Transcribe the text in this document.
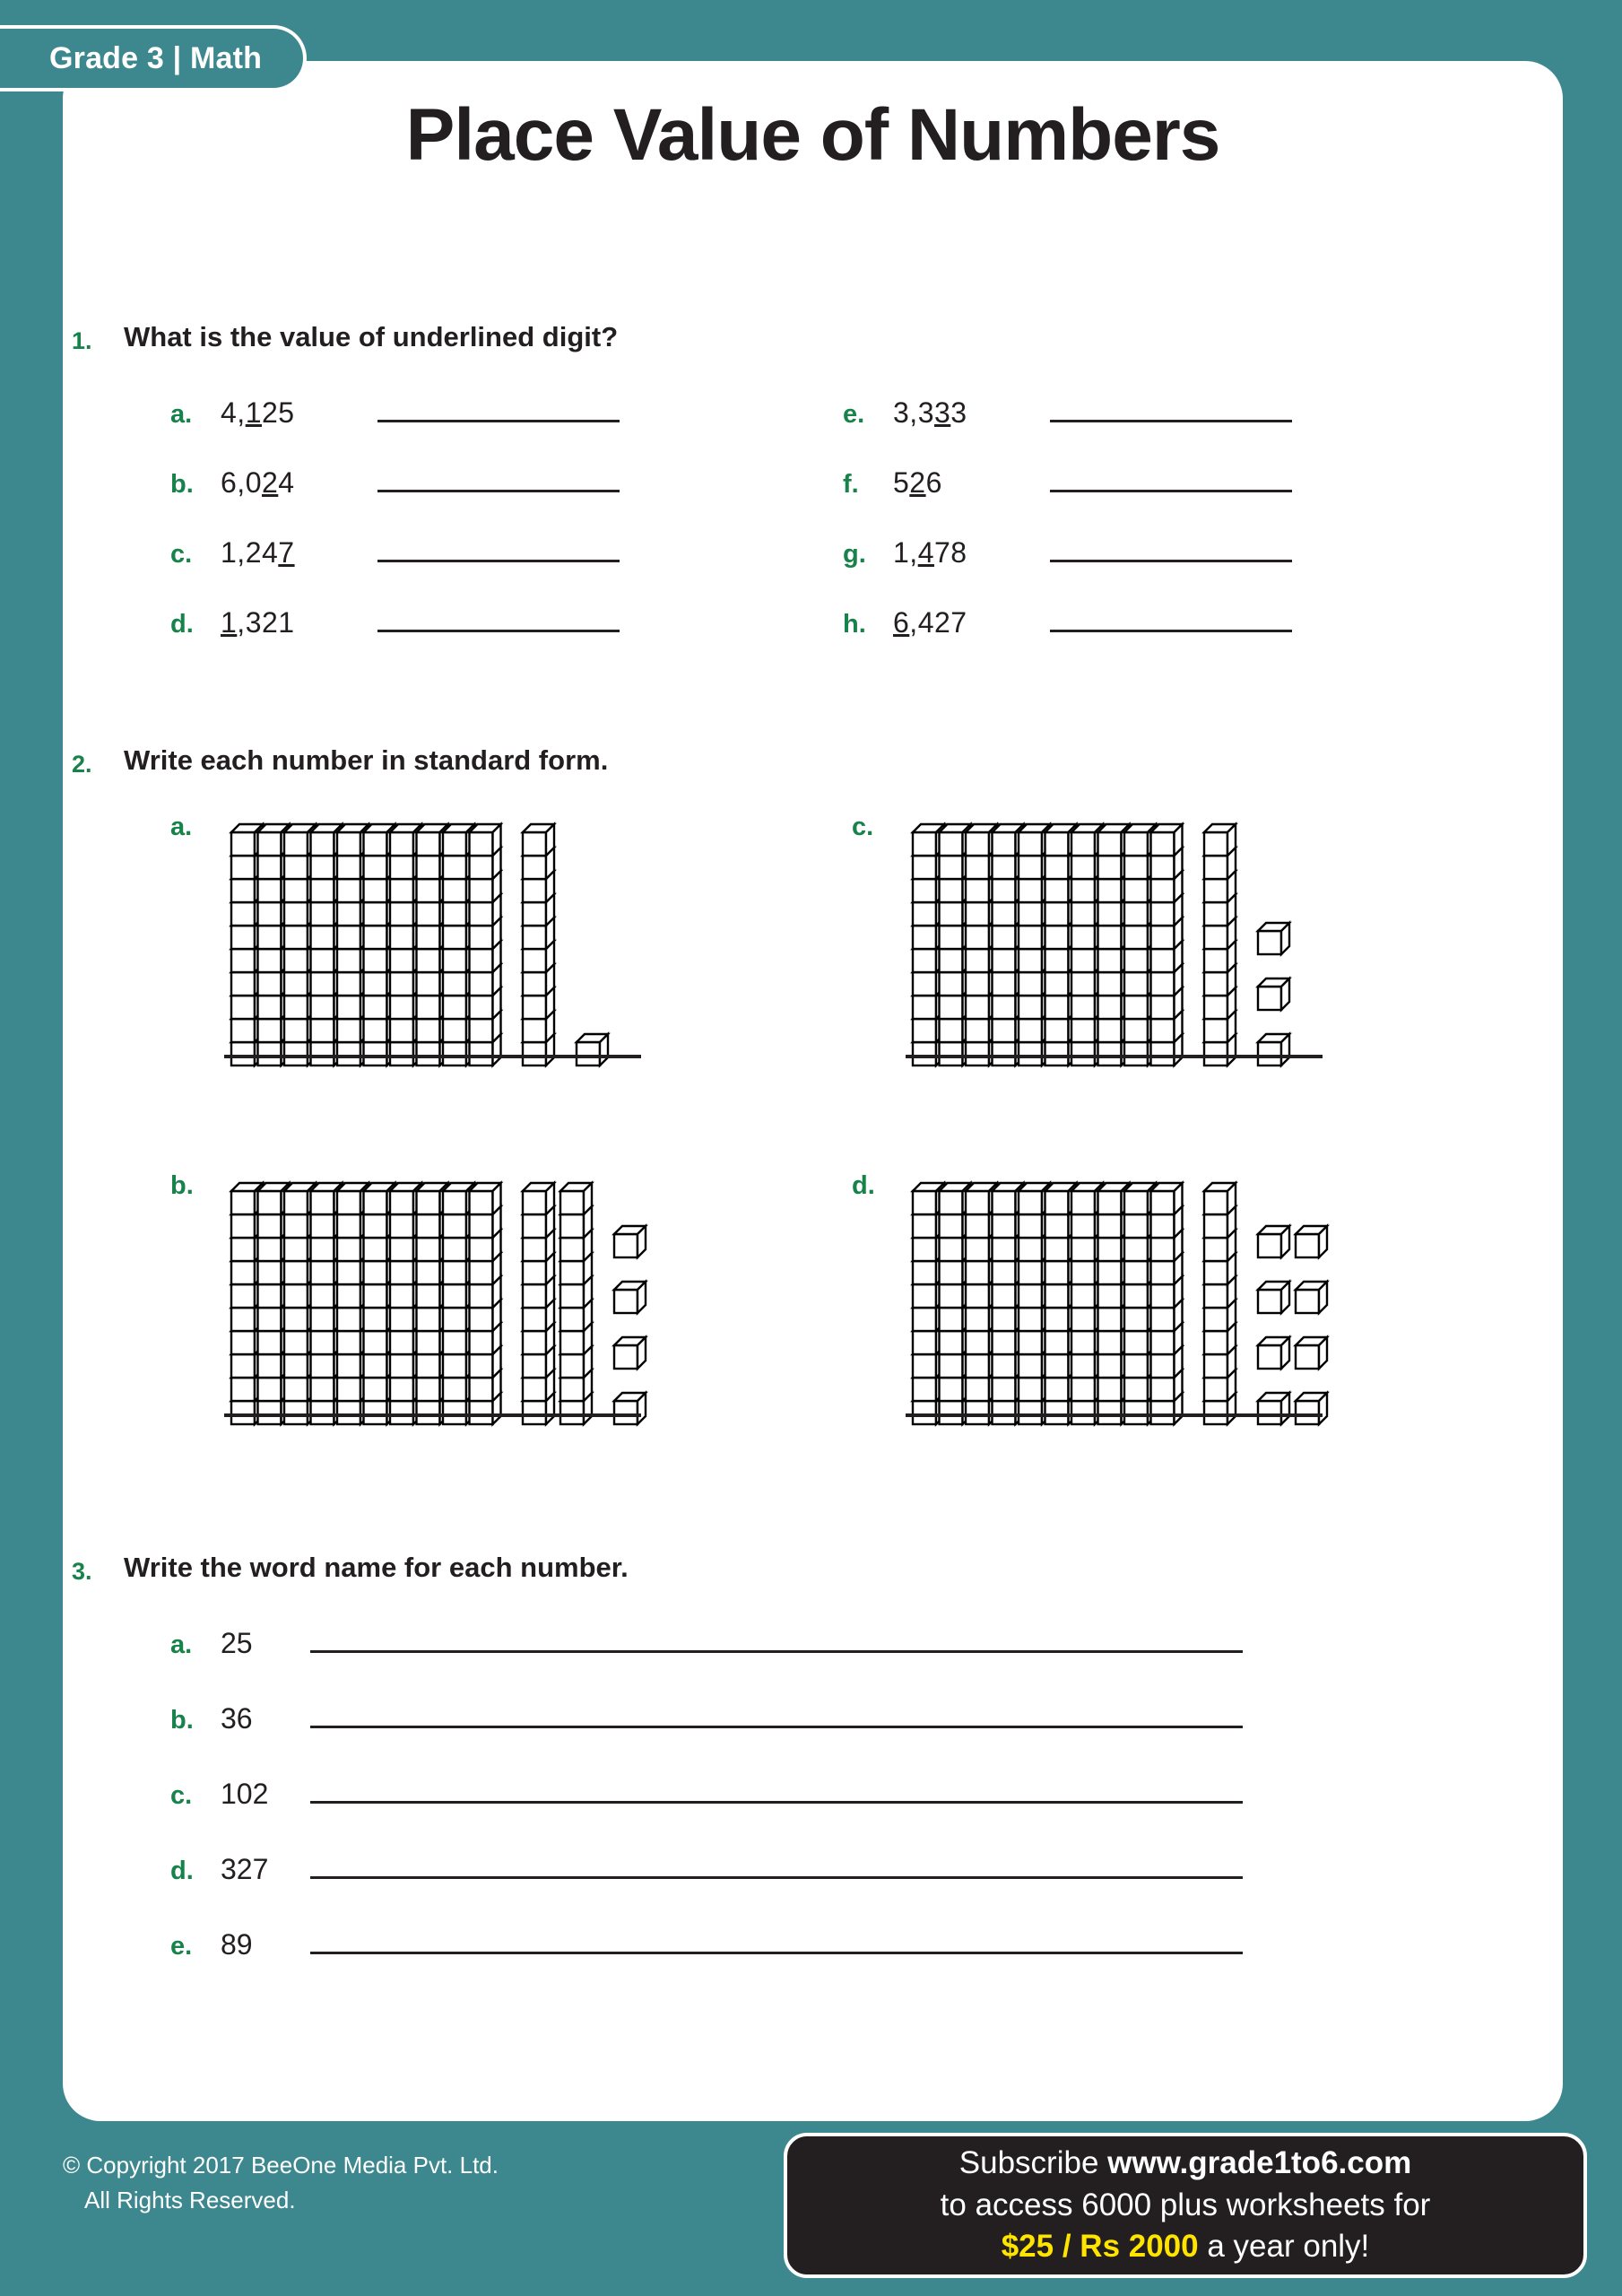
Grade 3 | Math
Place Value of Numbers
1.	What is the value of underlined digit?
a. 4,125	e. 3,333
b. 6,024	f.	526
c. 1,247	g. 1,478
d. 1,321	h. 6,427
2.	Write each number in standard form.
a.	c.
b.	d.
3.	Write the word name for each number.
a. 25
b. 36
c. 102
d. 327
e. 89
© Copyright 2017 BeeOne Media Pvt. Ltd.
All Rights Reserved.
Subscribe www.grade1to6.com
to access 6000 plus worksheets for
$25 / Rs 2000 a year only!
